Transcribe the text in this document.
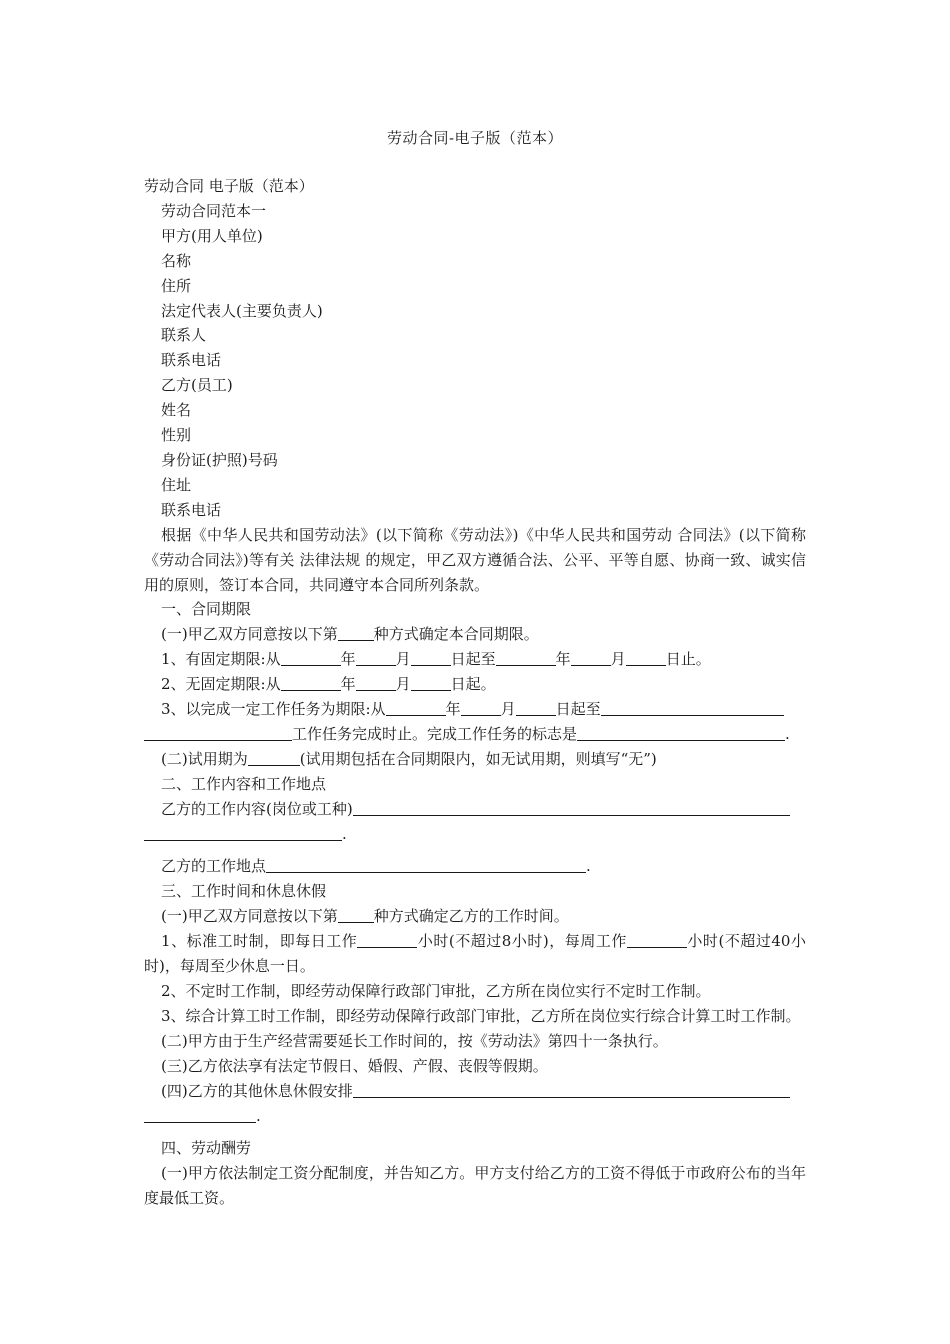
劳动合同-电子版（范本）

劳动合同 电子版（范本）

劳动合同范本一

甲方(用人单位)

名称

住所

法定代表人(主要负责人)

联系人

联系电话

乙方(员工)

姓名

性别

身份证(护照)号码

住址

联系电话

根据《中华人民共和国劳动法》(以下简称《劳动法》)《中华人民共和国劳动 合同法》(以下简称《劳动合同法》)等有关 法律法规 的规定，甲乙双方遵循合法、公平、平等自愿、协商一致、诚实信用的原则，签订本合同，共同遵守本合同所列条款。

一、合同期限

(一)甲乙双方同意按以下第 种方式确定本合同期限。

1、有固定期限:从	年	月	日起至	年	月	日止。

2、无固定期限:从	年	月	日起。

3、以完成一定工作任务为期限:从	年	月	日起至

工作任务完成时止。完成工作任务的标志是	.

(二)试用期为	(试用期包括在合同期限内，如无试用期，则填写“无”)

二、工作内容和工作地点

乙方的工作内容(岗位或工种)

.

乙方的工作地点	.

三、工作时间和休息休假

(一)甲乙双方同意按以下第 种方式确定乙方的工作时间。

1、标准工时制，即每日工作	小时(不超过8小时)，每周工作	小时(不超过40小时)，每周至少休息一日。

2、不定时工作制，即经劳动保障行政部门审批，乙方所在岗位实行不定时工作制。

3、综合计算工时工作制，即经劳动保障行政部门审批，乙方所在岗位实行综合计算工时工作制。

(二)甲方由于生产经营需要延长工作时间的，按《劳动法》第四十一条执行。

(三)乙方依法享有法定节假日、婚假、产假、丧假等假期。

(四)乙方的其他休息休假安排

.

四、劳动酬劳

(一)甲方依法制定工资分配制度，并告知乙方。甲方支付给乙方的工资不得低于市政府公布的当年度最低工资。
